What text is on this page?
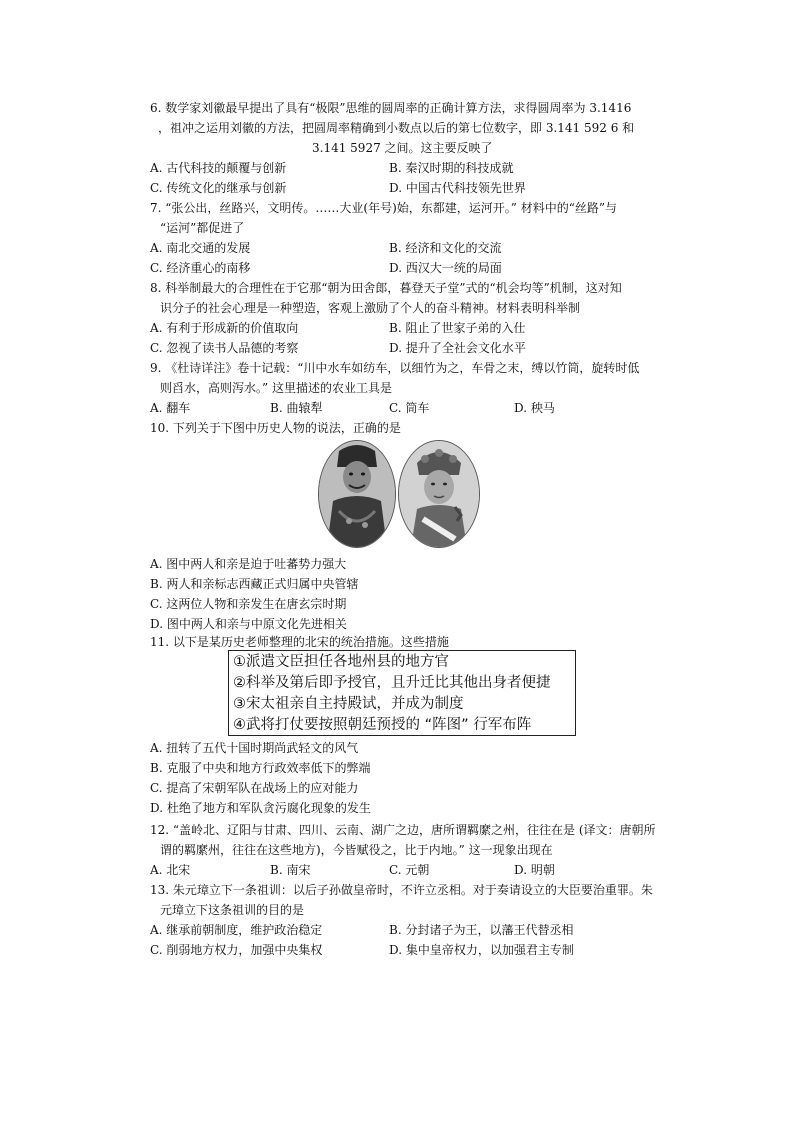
6. 数学家刘徽最早提出了具有“极限”思维的圆周率的正确计算方法，求得圆周率为 3.1416
，祖冲之运用刘徽的方法，把圆周率精确到小数点以后的第七位数字，即 3.141 592 6 和
3.141 5927 之间。这主要反映了
A. 古代科技的颠覆与创新	B. 秦汉时期的科技成就
C. 传统文化的继承与创新	D. 中国古代科技领先世界
7. “张公出，丝路兴，文明传。……大业(年号)始，东都建，运河开。” 材料中的“丝路”与
“运河”都促进了
A. 南北交通的发展	B. 经济和文化的交流
C. 经济重心的南移	D. 西汉大一统的局面
8. 科举制最大的合理性在于它那“朝为田舍郎，暮登天子堂”式的“机会均等”机制，这对知
识分子的社会心理是一种塑造，客观上激励了个人的奋斗精神。材料表明科举制
A. 有利于形成新的价值取向	B. 阻止了世家子弟的入仕
C. 忽视了读书人品德的考察	D. 提升了全社会文化水平
9. 《杜诗详注》卷十记载：“川中水车如纺车，以细竹为之，车骨之末，缚以竹筒，旋转时低
则舀水，高则泻水。” 这里描述的农业工具是
A. 翻车	B. 曲辕犁	C. 筒车	D. 秧马
10. 下列关于下图中历史人物的说法，正确的是
A. 图中两人和亲是迫于吐蕃势力强大
B. 两人和亲标志西藏正式归属中央管辖
C. 这两位人物和亲发生在唐玄宗时期
D. 图中两人和亲与中原文化先进相关
11. 以下是某历史老师整理的北宋的统治措施。这些措施
①派遣文臣担任各地州县的地方官
②科举及第后即予授官，且升迁比其他出身者便捷
③宋太祖亲自主持殿试，并成为制度
④武将打仗要按照朝廷预授的 “阵图” 行军布阵
A. 扭转了五代十国时期尚武轻文的风气
B. 克服了中央和地方行政效率低下的弊端
C. 提高了宋朝军队在战场上的应对能力
D. 杜绝了地方和军队贪污腐化现象的发生
12. “盖岭北、辽阳与甘肃、四川、云南、湖广之边，唐所谓羁縻之州，往往在是 (译文：唐朝所
谓的羁縻州，往往在这些地方)，今皆赋役之，比于内地。” 这一现象出现在
A. 北宋	B. 南宋	C. 元朝	D. 明朝
13. 朱元璋立下一条祖训：以后子孙做皇帝时，不许立丞相。对于奏请设立的大臣要治重罪。朱
元璋立下这条祖训的目的是
A. 继承前朝制度，维护政治稳定	B. 分封诸子为王，以藩王代替丞相
C. 削弱地方权力，加强中央集权	D. 集中皇帝权力，以加强君主专制
